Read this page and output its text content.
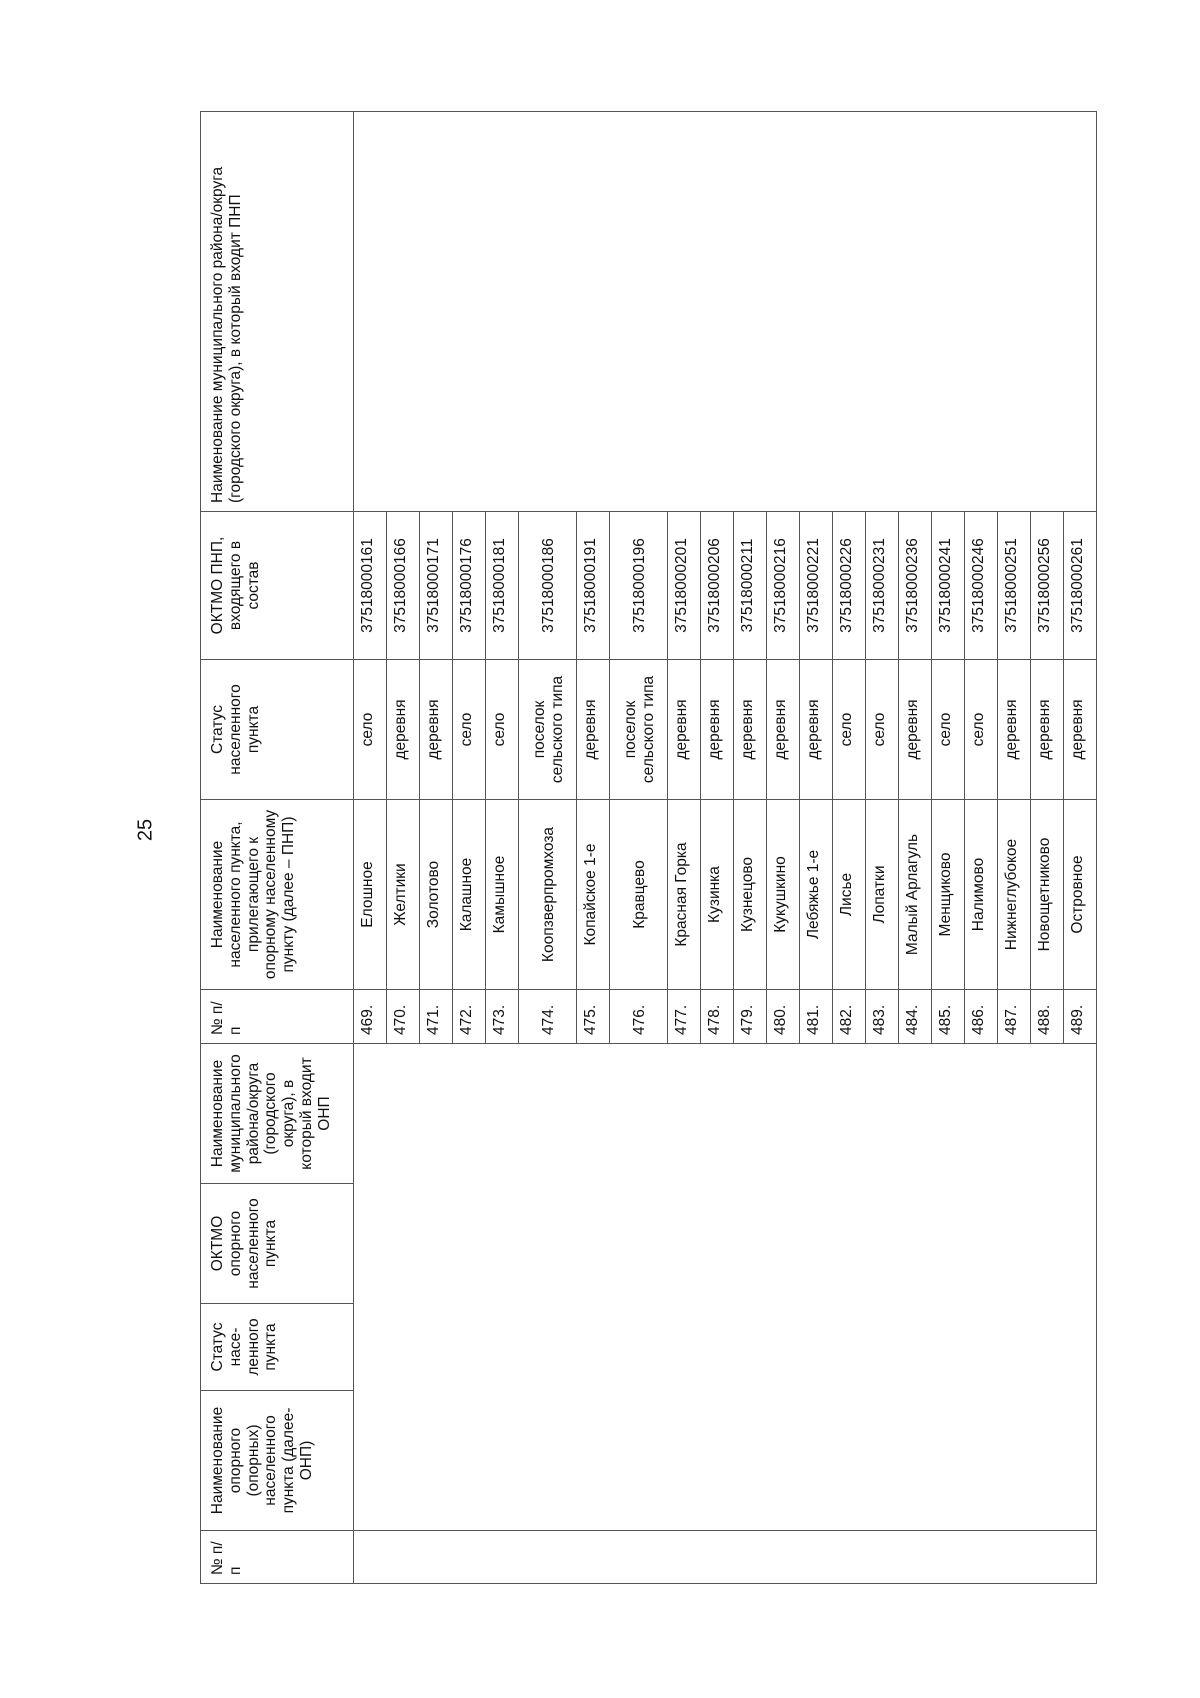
25
№ п/п	Наименование опорного (опорных) населенного пункта (далее- ОНП)	Статус насе-ленного пункта	ОКТМО опорного населенного пункта	Наименование муниципального района/округа (городского округа), в который входит ОНП	№ п/п	Наименование населенного пункта, прилегающего к опорному населенному пункту (далее – ПНП)	Статус населенного пункта	ОКТМО ПНП, входящего в состав	Наименование муниципального района/округа (городского округа), в который входит ПНП
					469.	Елошное	село	37518000161	
					470.	Желтики	деревня	37518000166	
					471.	Золотово	деревня	37518000171	
					472.	Калашное	село	37518000176	
					473.	Камышное	село	37518000181	
					474.	Коопзверпромхоза	поселок сельского типа	37518000186	
					475.	Копайское 1-е	деревня	37518000191	
					476.	Кравцево	поселок сельского типа	37518000196	
					477.	Красная Горка	деревня	37518000201	
					478.	Кузинка	деревня	37518000206	
					479.	Кузнецово	деревня	37518000211	
					480.	Кукушкино	деревня	37518000216	
					481.	Лебяжье 1-е	деревня	37518000221	
					482.	Лисье	село	37518000226	
					483.	Лопатки	село	37518000231	
					484.	Малый Арлагуль	деревня	37518000236	
					485.	Менщиково	село	37518000241	
					486.	Налимово	село	37518000246	
					487.	Нижнеглубокое	деревня	37518000251	
					488.	Новощетниково	деревня	37518000256	
					489.	Островное	деревня	37518000261	
